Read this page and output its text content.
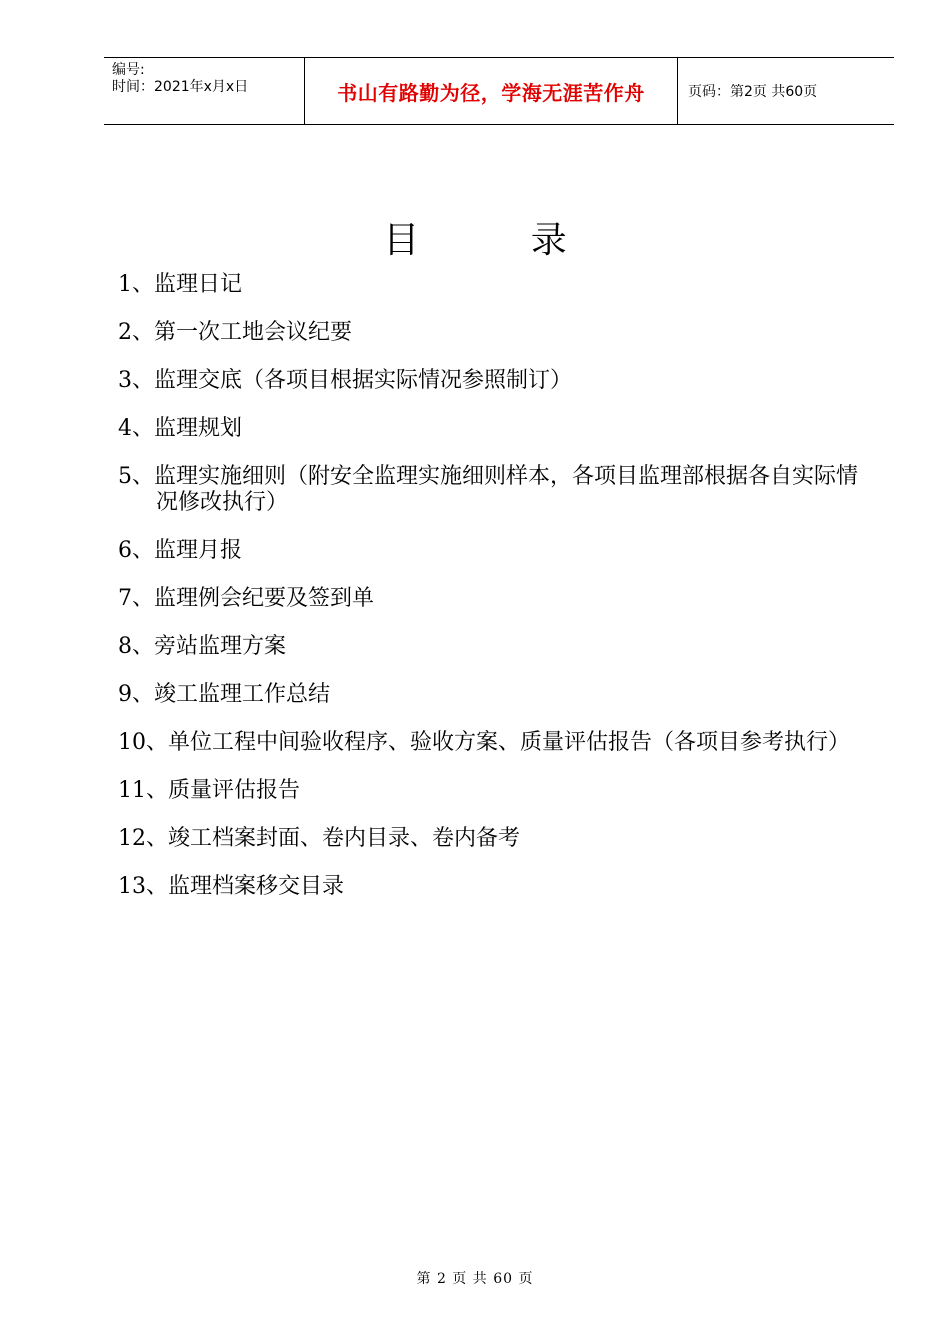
编号:
时间：2021年x月x日	书山有路勤为径，学海无涯苦作舟	页码：第2页 共60页
目 录
1、监理日记
2、第一次工地会议纪要
3、监理交底（各项目根据实际情况参照制订）
4、监理规划
5、监理实施细则（附安全监理实施细则样本，各项目监理部根据各自实际情况修改执行）
6、监理月报
7、监理例会纪要及签到单
8、旁站监理方案
9、竣工监理工作总结
10、单位工程中间验收程序、验收方案、质量评估报告（各项目参考执行）
11、质量评估报告
12、竣工档案封面、卷内目录、卷内备考
13、监理档案移交目录
第 2 页 共 60 页
